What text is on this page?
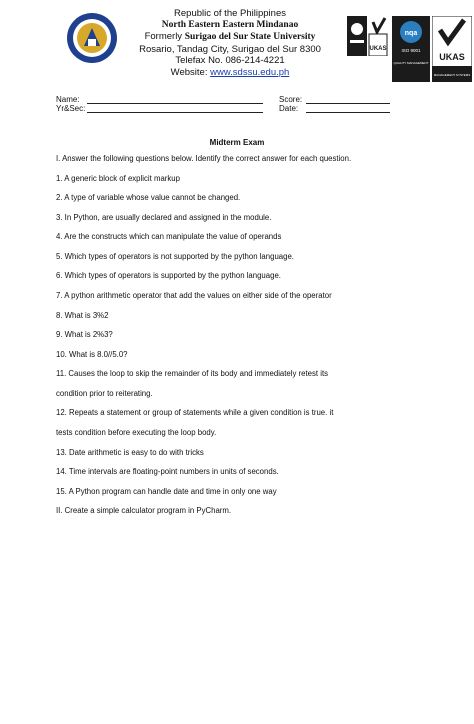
Republic of the Philippines
North Eastern Eastern Mindanao
Formerly Surigao del Sur State University
Rosario, Tandag City, Surigao del Sur 8300
Telefax No. 086-214-4221
Website: www.sdssu.edu.ph
UKAS
nqa
ISO 9001
QUALITY MANAGEMENT
UKAS
MANAGEMENT SYSTEMS
Name:	Score:
Yr&Sec:	Date:
Midterm Exam
I. Answer the following questions below. Identify the correct answer for each question.
1. A generic block of explicit markup
2. A type of variable whose value cannot be changed.
3. In Python, are usually declared and assigned in the module.
4. Are the constructs which can manipulate the value of operands
5. Which types of operators is not supported by the python language.
6. Which types of operators is supported by the python language.
7. A python arithmetic operator that add the values on either side of the operator
8. What is 3%2
9. What is 2%3?
10. What is 8.0//5.0?
11. Causes the loop to skip the remainder of its body and immediately retest its
condition prior to reiterating.
12. Repeats a statement or group of statements while a given condition is true. it
tests condition before executing the loop body.
13. Date arithmetic is easy to do with tricks
14. Time intervals are floating-point numbers in units of seconds.
15. A Python program can handle date and time in only one way
II. Create a simple calculator program in PyCharm.
